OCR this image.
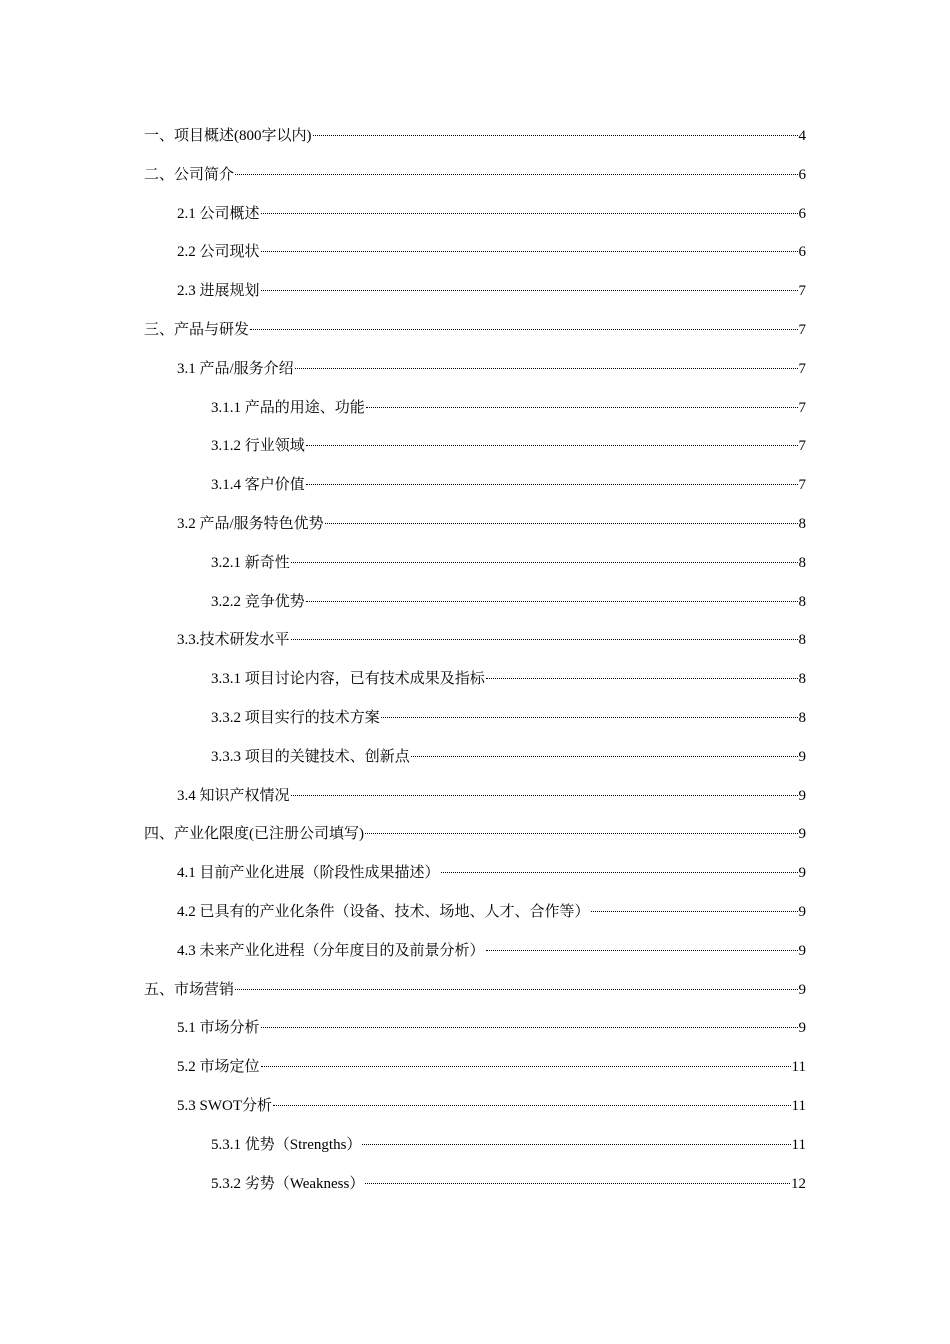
一、项目概述(800字以内)	4
二、公司简介	6
2.1 公司概述	6
2.2 公司现状	6
2.3 进展规划	7
三、产品与研发	7
3.1 产品/服务介绍	7
3.1.1 产品的用途、功能	7
3.1.2 行业领域	7
3.1.4 客户价值	7
3.2 产品/服务特色优势	8
3.2.1 新奇性	8
3.2.2 竞争优势	8
3.3.技术研发水平	8
3.3.1 项目讨论内容，已有技术成果及指标	8
3.3.2 项目实行的技术方案	8
3.3.3 项目的关键技术、创新点	9
3.4 知识产权情况	9
四、产业化限度(已注册公司填写)	9
4.1 目前产业化进展（阶段性成果描述）	9
4.2 已具有的产业化条件（设备、技术、场地、人才、合作等）	9
4.3 未来产业化进程（分年度目的及前景分析）	9
五、市场营销	9
5.1 市场分析	9
5.2 市场定位	11
5.3 SWOT分析	11
5.3.1 优势（Strengths）	11
5.3.2 劣势（Weakness）	12
